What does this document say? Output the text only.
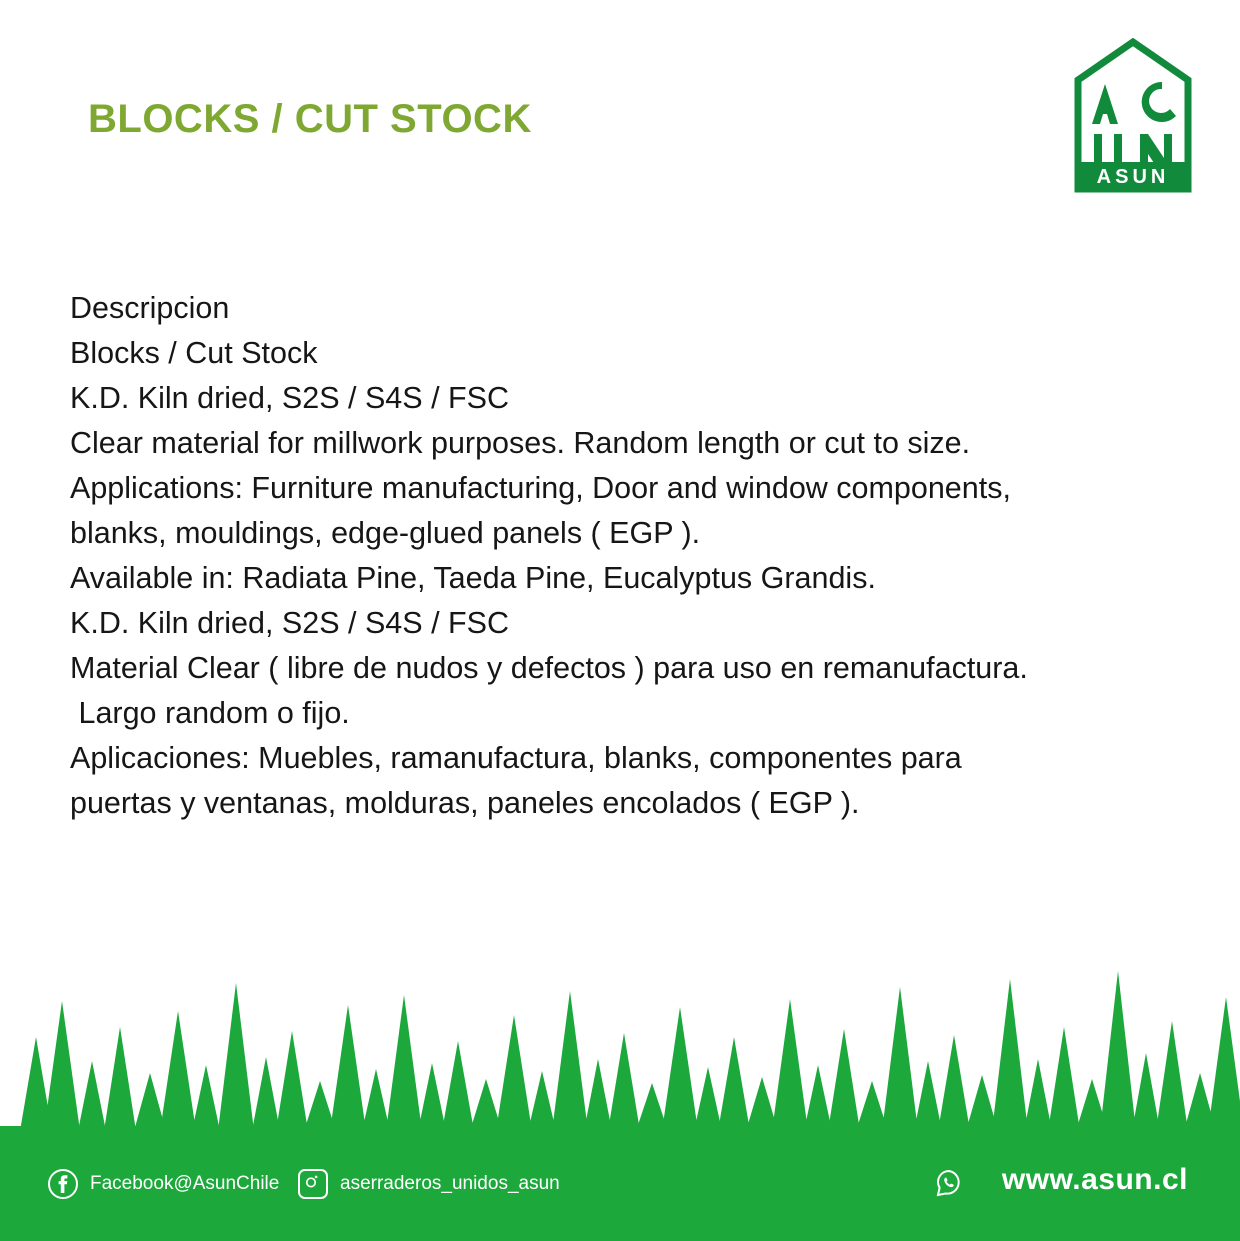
BLOCKS / CUT STOCK
ASUN
Descripcion
Blocks / Cut Stock
K.D. Kiln dried, S2S / S4S / FSC
Clear material for millwork purposes. Random length or cut to size.
Applications: Furniture manufacturing, Door and window components,
blanks, mouldings, edge-glued panels ( EGP ).
Available in: Radiata Pine, Taeda Pine, Eucalyptus Grandis.
K.D. Kiln dried, S2S / S4S / FSC
Material Clear ( libre de nudos y defectos ) para uso en remanufactura.
Largo random o fijo.
Aplicaciones: Muebles, ramanufactura, blanks, componentes para
puertas y ventanas, molduras, paneles encolados ( EGP ).
Facebook@AsunChile	aserraderos_unidos_asun	www.asun.cl
